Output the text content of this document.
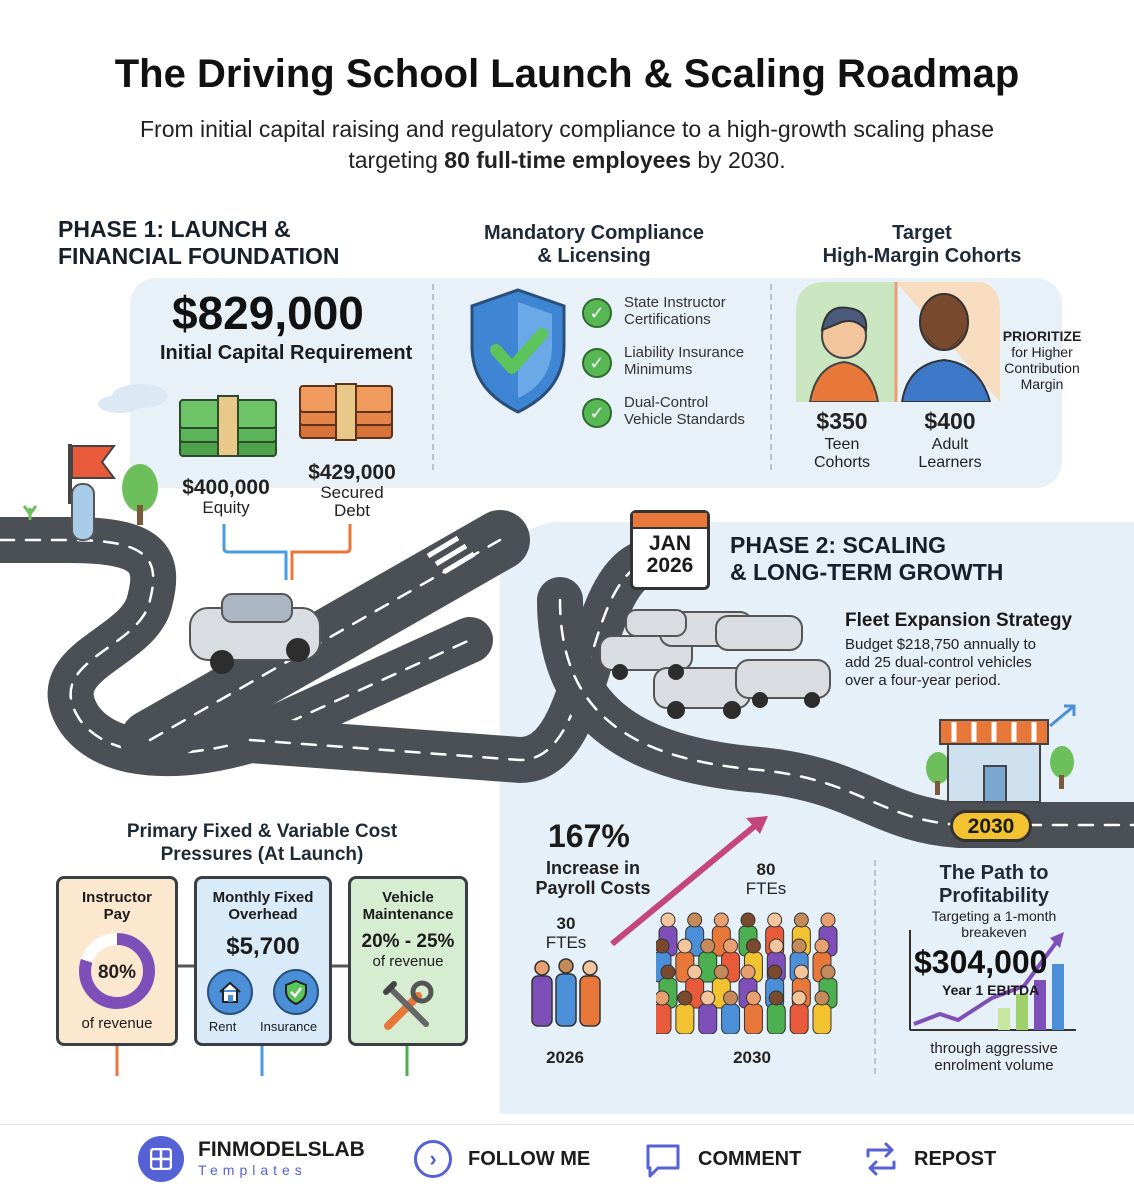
The Driving School Launch & Scaling Roadmap
From initial capital raising and regulatory compliance to a high-growth scaling phase targeting 80 full-time employees by 2030.
PHASE 1: LAUNCH &
FINANCIAL FOUNDATION
$829,000
Initial Capital Requirement
$400,000
Equity
$429,000
Secured
Debt
Mandatory Compliance
& Licensing
✓
State Instructor
Certifications
✓
Liability Insurance
Minimums
✓
Dual-Control
Vehicle Standards
Target
High-Margin Cohorts
PRIORITIZE
for Higher
Contribution
Margin
$350
Teen
Cohorts
$400
Adult
Learners
JAN
2026
PHASE 2: SCALING
& LONG-TERM GROWTH
Fleet Expansion Strategy
Budget $218,750 annually to
add 25 dual-control vehicles
over a four-year period.
2030
Primary Fixed & Variable Cost
Pressures (At Launch)
Instructor
Pay
80%
of revenue
Monthly Fixed
Overhead
$5,700
Rent Insurance
Vehicle
Maintenance
20% - 25%
of revenue
167%
Increase in
Payroll Costs
30
FTEs
80
FTEs
2026	2030
The Path to
Profitability
Targeting a 1-month
breakeven
$304,000
Year 1 EBITDA
through aggressive
enrolment volume
FINMODELSLAB
Templates	›	FOLLOW ME	COMMENT	REPOST
